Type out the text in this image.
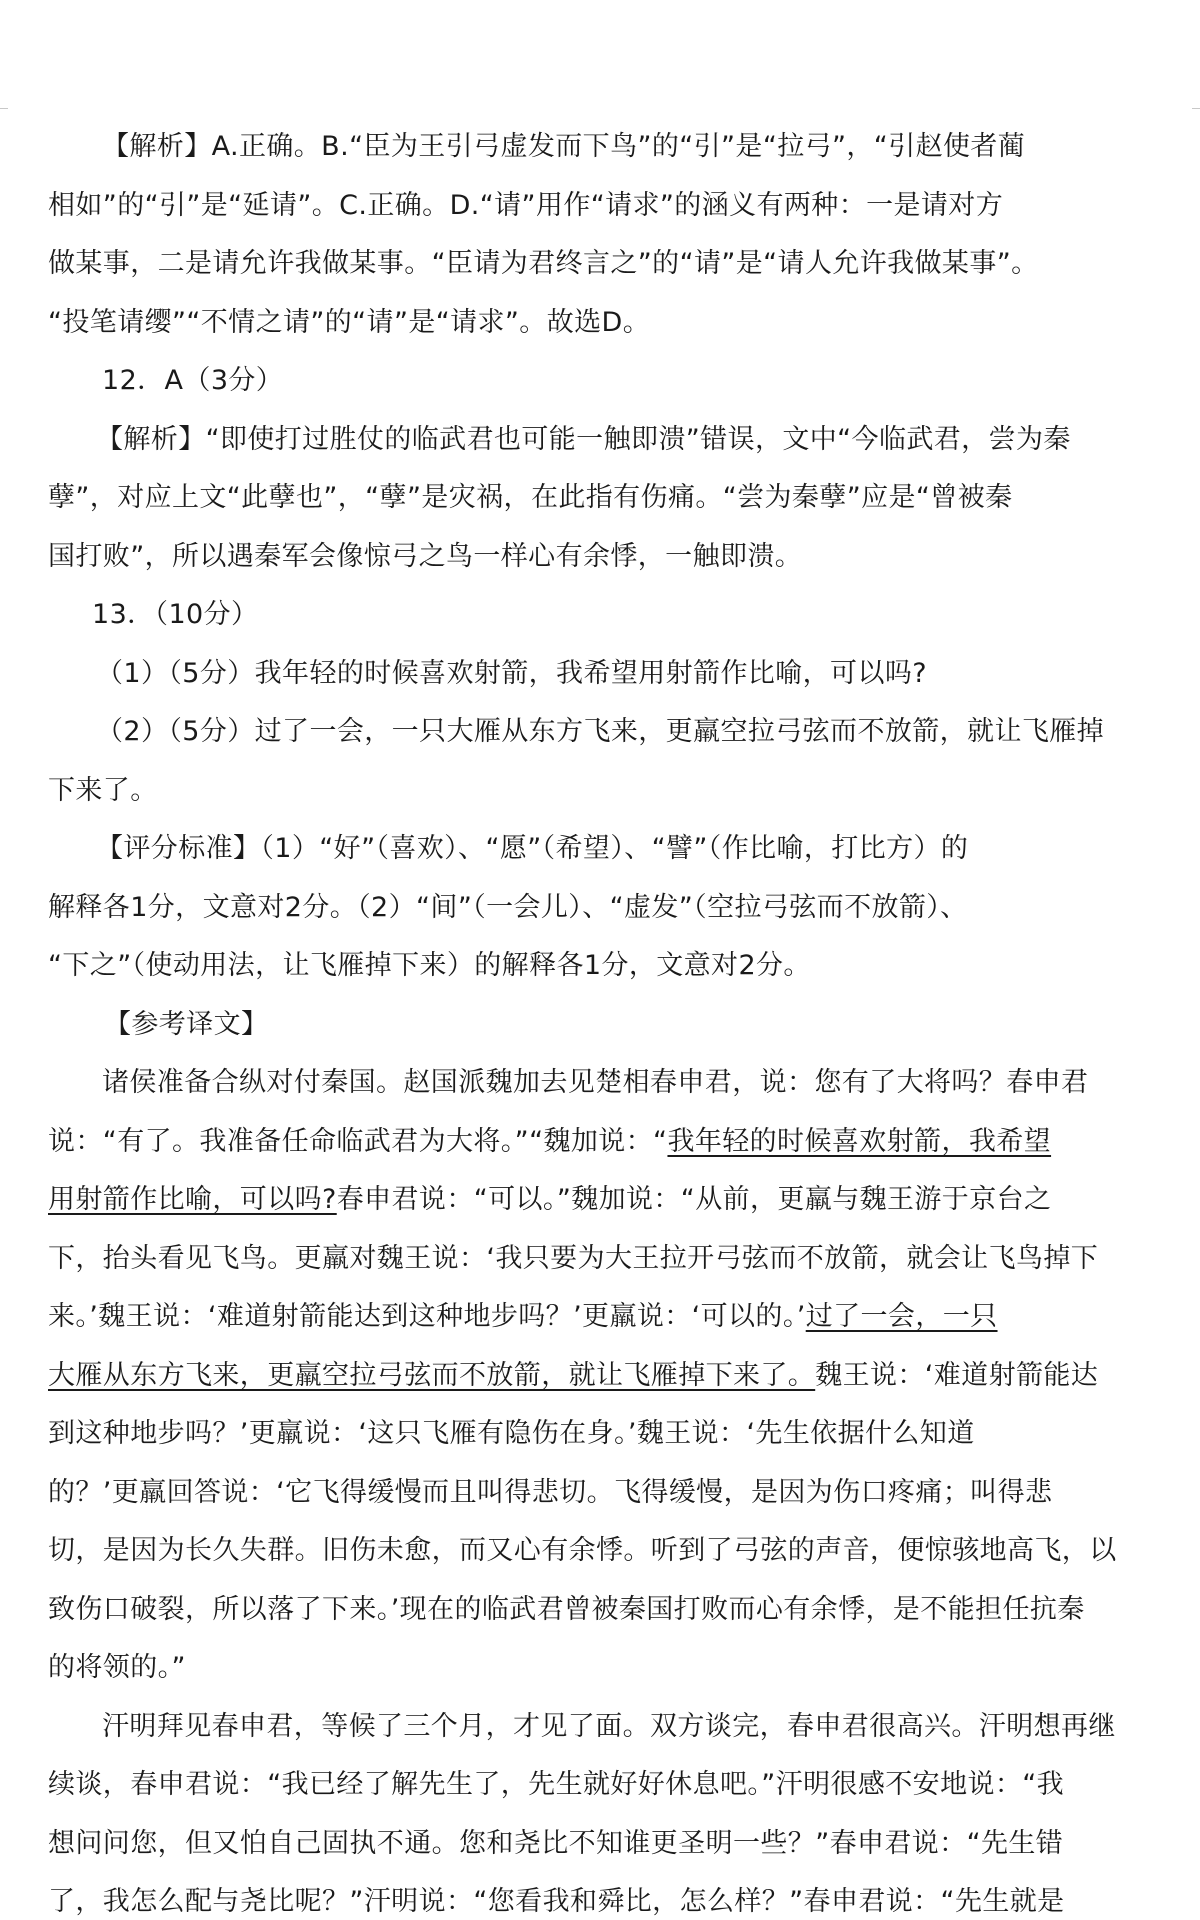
【解析】A.正确。B.“臣为王引弓虚发而下鸟”的“引”是“拉弓”，“引赵使者蔺
相如”的“引”是“延请”。C.正确。D.“请”用作“请求”的涵义有两种：一是请对方
做某事，二是请允许我做某事。“臣请为君终言之”的“请”是“请人允许我做某事”。
“投笔请缨”“不情之请”的“请”是“请求”。故选D。
12．A（3分）
【解析】“即使打过胜仗的临武君也可能一触即溃”错误，文中“今临武君，尝为秦
孽”，对应上文“此孽也”，“孽”是灾祸，在此指有伤痛。“尝为秦孽”应是“曾被秦
国打败”，所以遇秦军会像惊弓之鸟一样心有余悸，一触即溃。
13．（10分）
（1）（5分）我年轻的时候喜欢射箭，我希望用射箭作比喻，可以吗?
（2）（5分）过了一会，一只大雁从东方飞来，更羸空拉弓弦而不放箭，就让飞雁掉
下来了。
【评分标准】（1）“好”（喜欢）、“愿”（希望）、“譬”（作比喻，打比方）的
解释各1分，文意对2分。（2）“间”（一会儿）、“虚发”（空拉弓弦而不放箭）、
“下之”（使动用法，让飞雁掉下来）的解释各1分，文意对2分。
【参考译文】
诸侯准备合纵对付秦国。赵国派魏加去见楚相春申君，说：您有了大将吗？春申君
说：“有了。我准备任命临武君为大将。”“魏加说：“我年轻的时候喜欢射箭，我希望
用射箭作比喻，可以吗?春申君说：“可以。”魏加说：“从前，更羸与魏王游于京台之
下，抬头看见飞鸟。更羸对魏王说：‘我只要为大王拉开弓弦而不放箭，就会让飞鸟掉下
来。’魏王说：‘难道射箭能达到这种地步吗？’更羸说：‘可以的。’过了一会，一只
大雁从东方飞来，更羸空拉弓弦而不放箭，就让飞雁掉下来了。魏王说：‘难道射箭能达
到这种地步吗？’更羸说：‘这只飞雁有隐伤在身。’魏王说：‘先生依据什么知道
的？’更羸回答说：‘它飞得缓慢而且叫得悲切。飞得缓慢，是因为伤口疼痛；叫得悲
切，是因为长久失群。旧伤未愈，而又心有余悸。听到了弓弦的声音，便惊骇地高飞，以
致伤口破裂，所以落了下来。’现在的临武君曾被秦国打败而心有余悸，是不能担任抗秦
的将领的。”
汗明拜见春申君，等候了三个月，才见了面。双方谈完，春申君很高兴。汗明想再继
续谈，春申君说：“我已经了解先生了，先生就好好休息吧。”汗明很感不安地说：“我
想问问您，但又怕自己固执不通。您和尧比不知谁更圣明一些？”春申君说：“先生错
了，我怎么配与尧比呢？”汗明说：“您看我和舜比，怎么样？”春申君说：“先生就是
